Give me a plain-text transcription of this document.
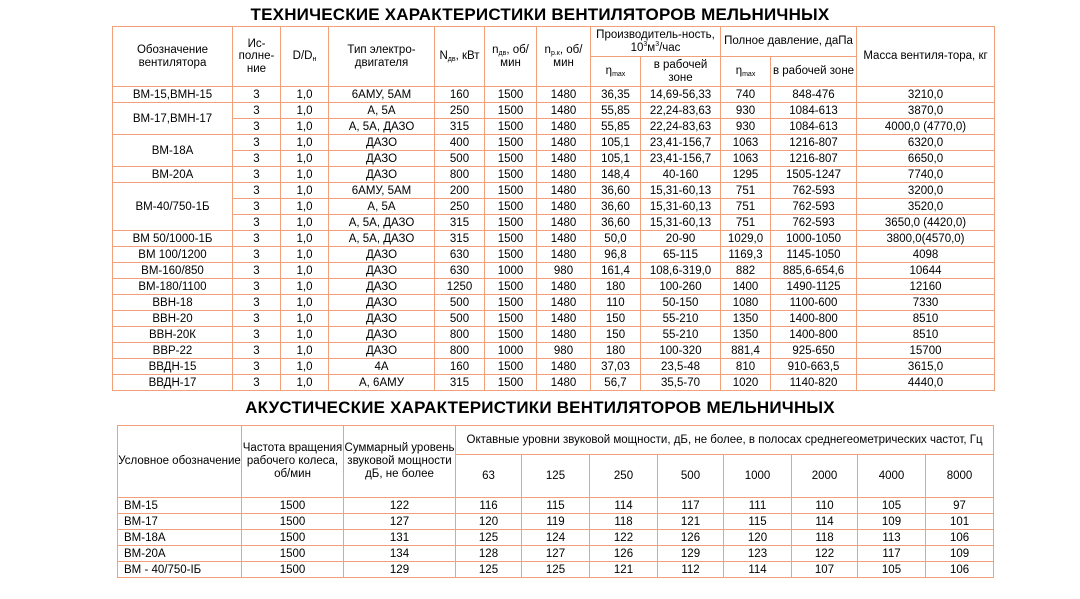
ТЕХНИЧЕСКИЕ ХАРАКТЕРИСТИКИ ВЕНТИЛЯТОРОВ МЕЛЬНИЧНЫХ
Обозначение вентилятора	Ис-полне-ние	$D/D_н$	Тип электро-двигателя	$N_{дв}$, кВт	$n_{дв}$, об/мин	$n_{р.к}$, об/мин	Производитель-ность, $10^3м^3$/час		Полное давление, даПа		Масса вентиля-тора, кг
							$\eta_{max}$	в рабочей зоне	$\eta_{max}$	в рабочей зоне	
ВМ-15,ВМН-15	3	1,0	6АМУ, 5АМ	160	1500	1480	36,35	14,69-56,33	740	848-476	3210,0
ВМ-17,ВМН-17	3	1,0	А, 5А	250	1500	1480	55,85	22,24-83,63	930	1084-613	3870,0
	3	1,0	А, 5А, ДАЗО	315	1500	1480	55,85	22,24-83,63	930	1084-613	4000,0 (4770,0)
ВМ-18А	3	1,0	ДАЗО	400	1500	1480	105,1	23,41-156,7	1063	1216-807	6320,0
	3	1,0	ДАЗО	500	1500	1480	105,1	23,41-156,7	1063	1216-807	6650,0
ВМ-20А	3	1,0	ДАЗО	800	1500	1480	148,4	40-160	1295	1505-1247	7740,0
ВМ-40/750-1Б	3	1,0	6АМУ, 5АМ	200	1500	1480	36,60	15,31-60,13	751	762-593	3200,0
	3	1,0	А, 5А	250	1500	1480	36,60	15,31-60,13	751	762-593	3520,0
	3	1,0	А, 5А, ДАЗО	315	1500	1480	36,60	15,31-60,13	751	762-593	3650,0 (4420,0)
ВМ 50/1000-1Б	3	1,0	А, 5А, ДАЗО	315	1500	1480	50,0	20-90	1029,0	1000-1050	3800,0(4570,0)
ВМ 100/1200	3	1,0	ДАЗО	630	1500	1480	96,8	65-115	1169,3	1145-1050	4098
ВМ-160/850	3	1,0	ДАЗО	630	1000	980	161,4	108,6-319,0	882	885,6-654,6	10644
ВМ-180/1100	3	1,0	ДАЗО	1250	1500	1480	180	100-260	1400	1490-1125	12160
ВВН-18	3	1,0	ДАЗО	500	1500	1480	110	50-150	1080	1100-600	7330
ВВН-20	3	1,0	ДАЗО	500	1500	1480	150	55-210	1350	1400-800	8510
ВВН-20К	3	1,0	ДАЗО	800	1500	1480	150	55-210	1350	1400-800	8510
ВВР-22	3	1,0	ДАЗО	800	1000	980	180	100-320	881,4	925-650	15700
ВВДН-15	3	1,0	4А	160	1500	1480	37,03	23,5-48	810	910-663,5	3615,0
ВВДН-17	3	1,0	А, 6АМУ	315	1500	1480	56,7	35,5-70	1020	1140-820	4440,0
АКУСТИЧЕСКИЕ ХАРАКТЕРИСТИКИ ВЕНТИЛЯТОРОВ МЕЛЬНИЧНЫХ
Условное обозначение	Частота вращения рабочего колеса, об/мин	Суммарный уровень звуковой мощности дБ, не более	Октавные уровни звуковой мощности, дБ, не более, в полосах среднегеометрических частот, Гц							
			63	125	250	500	1000	2000	4000	8000
ВМ-15	1500	122	116	115	114	117	111	110	105	97
ВМ-17	1500	127	120	119	118	121	115	114	109	101
ВМ-18А	1500	131	125	124	122	126	120	118	113	106
ВМ-20А	1500	134	128	127	126	129	123	122	117	109
ВМ - 40/750-IБ	1500	129	125	125	121	112	114	107	105	106
